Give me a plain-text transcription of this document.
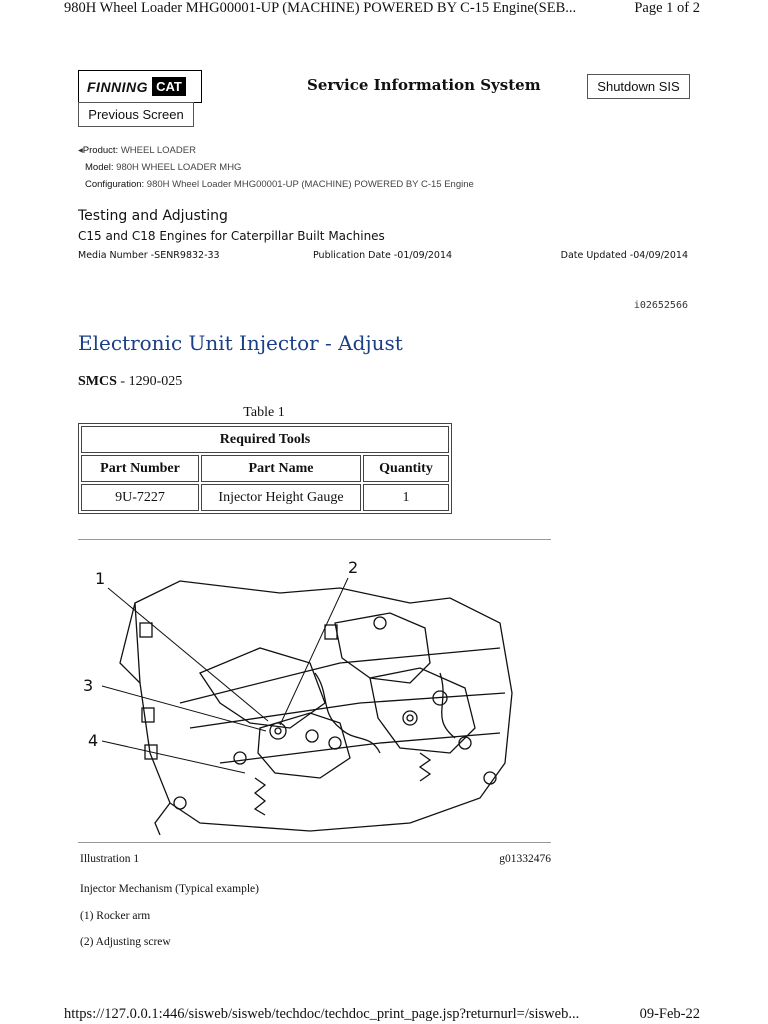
980H Wheel Loader MHG00001-UP (MACHINE) POWERED BY C-15 Engine(SEB...	Page 1 of 2
FINNING CAT	Service Information System	Shutdown SIS
Previous Screen
◂Product: WHEEL LOADER
Model: 980H WHEEL LOADER MHG
Configuration: 980H Wheel Loader MHG00001-UP (MACHINE) POWERED BY C-15 Engine
Testing and Adjusting
C15 and C18 Engines for Caterpillar Built Machines
Media Number -SENR9832-33	Publication Date -01/09/2014	Date Updated -04/09/2014
i02652566
Electronic Unit Injector - Adjust
SMCS - 1290-025
Table 1
Required Tools		
Part Number	Part Name	Quantity
9U-7227	Injector Height Gauge	1
1
2
3
4
Illustration 1	g01332476
Injector Mechanism (Typical example)
(1) Rocker arm
(2) Adjusting screw
https://127.0.0.1:446/sisweb/sisweb/techdoc/techdoc_print_page.jsp?returnurl=/sisweb...	09-Feb-22
